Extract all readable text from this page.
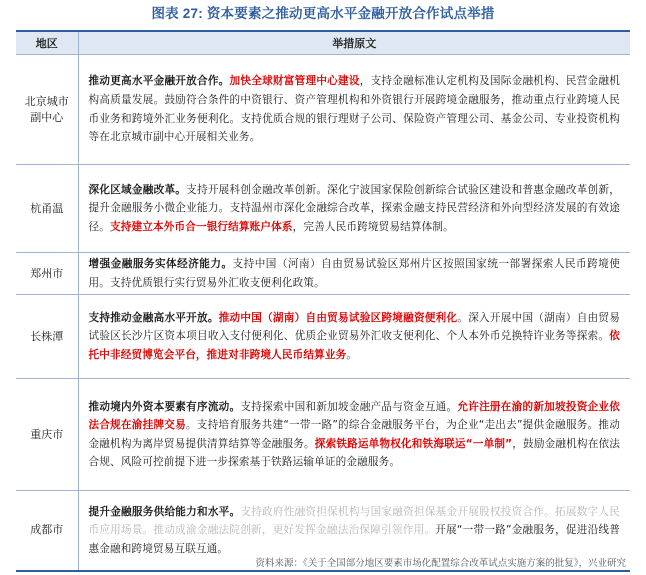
图表 27: 资本要素之推动更高水平金融开放合作试点举措
地区	举措原文
北京城市副中心	推动更高水平金融开放合作。加快全球财富管理中心建设，支持金融标准认定机构及国际金融机构、民营金融机构高质量发展。鼓励符合条件的中资银行、资产管理机构和外资银行开展跨境金融服务，推动重点行业跨境人民币业务和跨境外汇业务便利化。支持优质合规的银行理财子公司、保险资产管理公司、基金公司、专业投资机构等在北京城市副中心开展相关业务。
杭甬温	深化区域金融改革。支持开展科创金融改革创新。深化宁波国家保险创新综合试验区建设和普惠金融改革创新，提升金融服务小微企业能力。支持温州市深化金融综合改革，探索金融支持民营经济和外向型经济发展的有效途径。支持建立本外币合一银行结算账户体系，完善人民币跨境贸易结算体制。
郑州市	增强金融服务实体经济能力。支持中国（河南）自由贸易试验区郑州片区按照国家统一部署探索人民币跨境使用。支持优质银行实行贸易外汇收支便利化政策。
长株潭	支持推动金融高水平开放。推动中国（湖南）自由贸易试验区跨境融资便利化。深入开展中国（湖南）自由贸易试验区长沙片区资本项目收入支付便利化、优质企业贸易外汇收支便利化、个人本外币兑换特许业务等探索。依托中非经贸博览会平台，推进对非跨境人民币结算业务。
重庆市	推动境内外资本要素有序流动。支持探索中国和新加坡金融产品与资金互通。允许注册在渝的新加坡投资企业依法合规在渝挂牌交易。支持培育服务共建“一带一路”的综合金融服务平台，为企业“走出去”提供金融服务。推动金融机构为离岸贸易提供清算结算等金融服务。探索铁路运单物权化和铁海联运“一单制”，鼓励金融机构在依法合规、风险可控前提下进一步探索基于铁路运输单证的金融服务。
成都市	提升金融服务供给能力和水平。支持政府性融资担保机构与国家融资担保基金开展股权投资合作。拓展数字人民币应用场景。推动成渝金融法院创新，更好发挥金融法治保障引领作用。开展“一带一路”金融服务，促进沿线普惠金融和跨境贸易互联互通。
资料来源：《关于全国部分地区要素市场化配置综合改革试点实施方案的批复》，兴业研究
